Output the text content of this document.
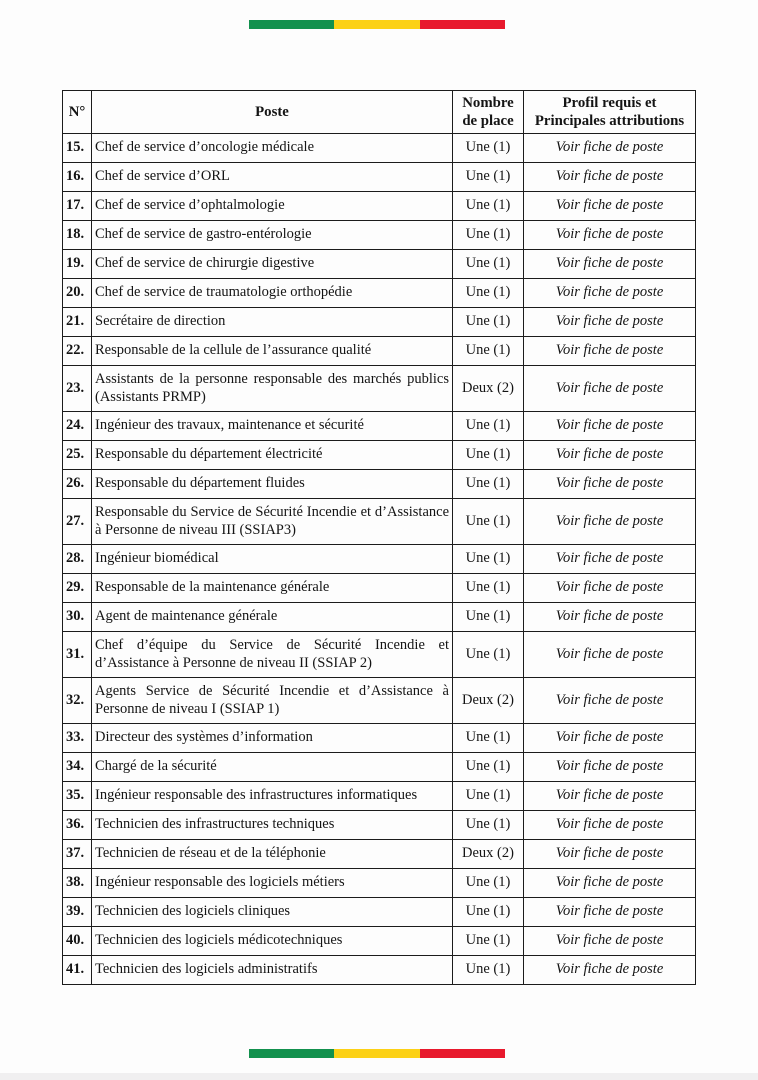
N°	Poste	Nombre de place	Profil requis et Principales attributions
15.	Chef de service d’oncologie médicale	Une (1)	Voir fiche de poste
16.	Chef de service d’ORL	Une (1)	Voir fiche de poste
17.	Chef de service d’ophtalmologie	Une (1)	Voir fiche de poste
18.	Chef de service de gastro-entérologie	Une (1)	Voir fiche de poste
19.	Chef de service de chirurgie digestive	Une (1)	Voir fiche de poste
20.	Chef de service de traumatologie orthopédie	Une (1)	Voir fiche de poste
21.	Secrétaire de direction	Une (1)	Voir fiche de poste
22.	Responsable de la cellule de l’assurance qualité	Une (1)	Voir fiche de poste
23.	Assistants de la personne responsable des marchés publics (Assistants PRMP)	Deux (2)	Voir fiche de poste
24.	Ingénieur des travaux, maintenance et sécurité	Une (1)	Voir fiche de poste
25.	Responsable du département électricité	Une (1)	Voir fiche de poste
26.	Responsable du département fluides	Une (1)	Voir fiche de poste
27.	Responsable du Service de Sécurité Incendie et d’Assistance à Personne de niveau III (SSIAP3)	Une (1)	Voir fiche de poste
28.	Ingénieur biomédical	Une (1)	Voir fiche de poste
29.	Responsable de la maintenance générale	Une (1)	Voir fiche de poste
30.	Agent de maintenance générale	Une (1)	Voir fiche de poste
31.	Chef d’équipe du Service de Sécurité Incendie et d’Assistance à Personne de niveau II (SSIAP 2)	Une (1)	Voir fiche de poste
32.	Agents Service de Sécurité Incendie et d’Assistance à Personne de niveau I (SSIAP 1)	Deux (2)	Voir fiche de poste
33.	Directeur des systèmes d’information	Une (1)	Voir fiche de poste
34.	Chargé de la sécurité	Une (1)	Voir fiche de poste
35.	Ingénieur responsable des infrastructures informatiques	Une (1)	Voir fiche de poste
36.	Technicien des infrastructures techniques	Une (1)	Voir fiche de poste
37.	Technicien de réseau et de la téléphonie	Deux (2)	Voir fiche de poste
38.	Ingénieur responsable des logiciels métiers	Une (1)	Voir fiche de poste
39.	Technicien des logiciels cliniques	Une (1)	Voir fiche de poste
40.	Technicien des logiciels médicotechniques	Une (1)	Voir fiche de poste
41.	Technicien des logiciels administratifs	Une (1)	Voir fiche de poste
